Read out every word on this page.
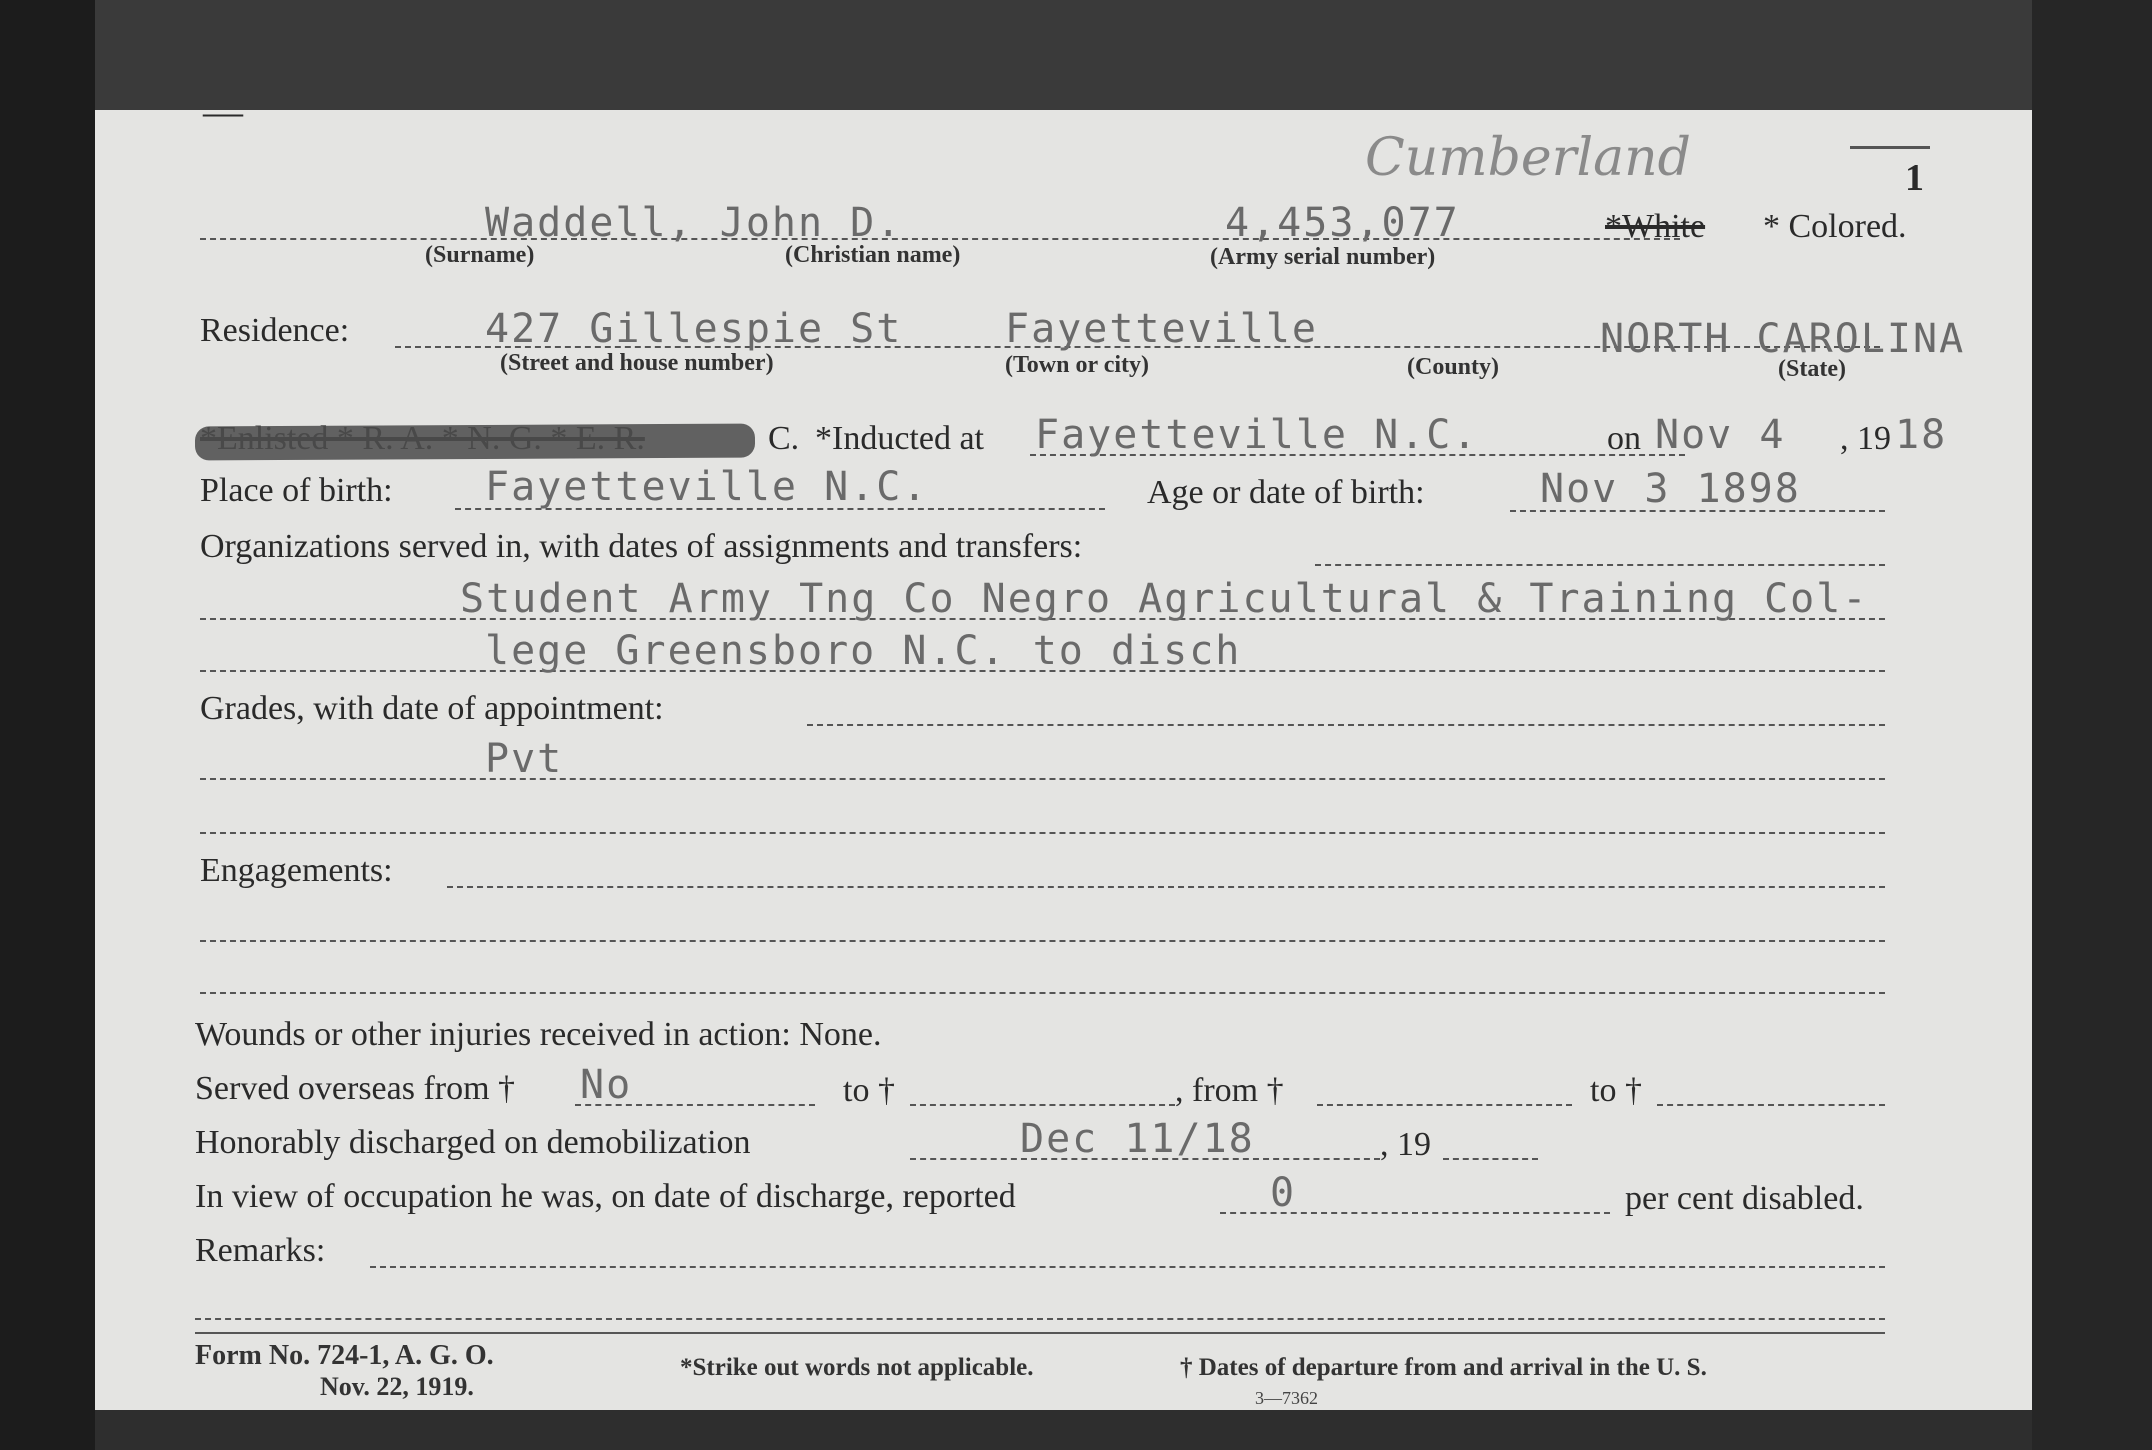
—
Cumberland	1
Waddell, John D.	4,453,077	*White * Colored.
(Surname)	(Christian name)	(Army serial number)
Residence:	427 Gillespie St	Fayetteville	NORTH CAROLINA
(Street and house number)	(Town or city)	(County)	(State)
C. *Inducted at Fayetteville N.C.	on Nov 4 , 19 18
Place of birth: Fayetteville N.C.	Age or date of birth:	Nov 3 1898
Organizations served in, with dates of assignments and transfers:
Student Army Tng Co Negro Agricultural & Training Col-
lege Greensboro N.C. to disch
Grades, with date of appointment:
Pvt
Engagements:
Wounds or other injuries received in action: None.
Served overseas from † No	to †	, from †	to †
Honorably discharged on demobilization	Dec 11/18	, 19
In view of occupation he was, on date of discharge, reported	0	per cent disabled.
Remarks:
Form No. 724-1, A. G. O.
Nov. 22, 1919.
*Strike out words not applicable.	† Dates of departure from and arrival in the U. S.
3—7362
